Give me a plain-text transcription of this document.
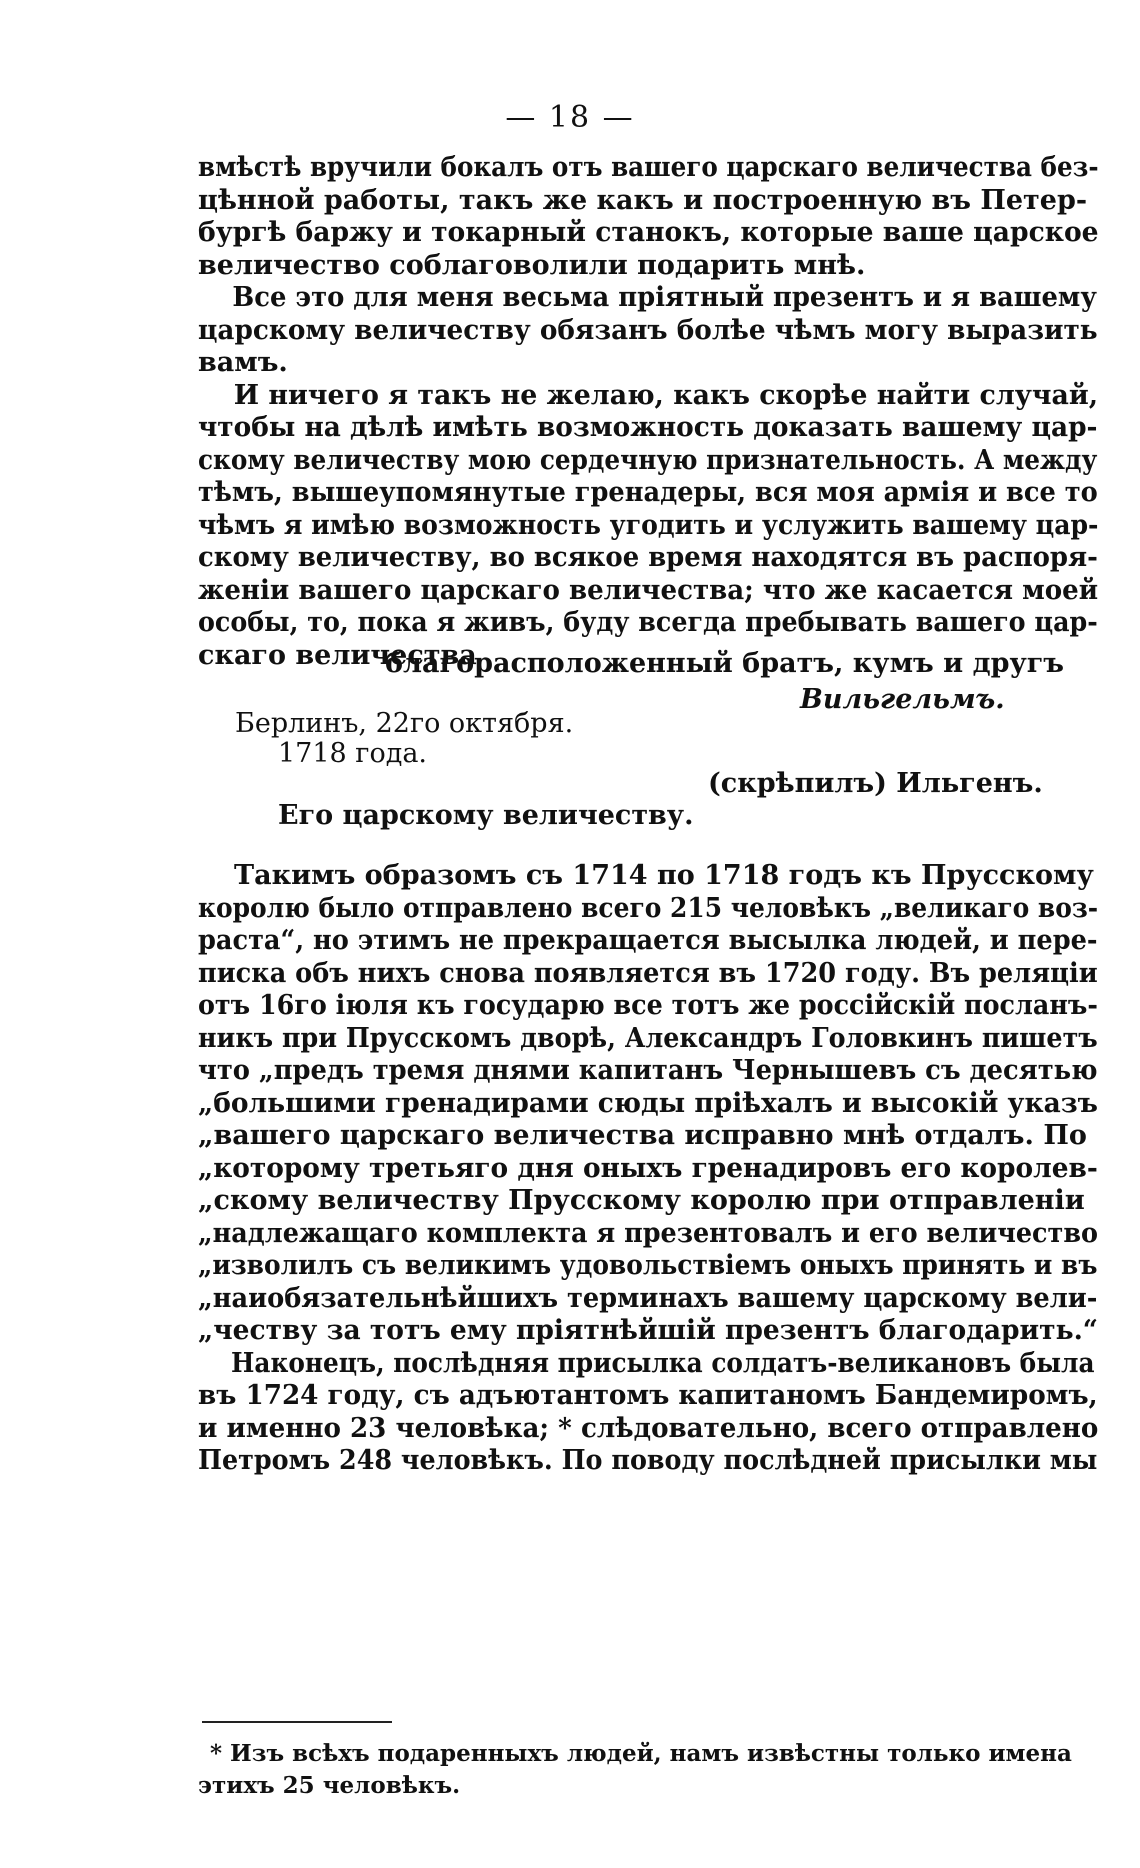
— 18 —
вмѣстѣ вручили бокалъ отъ вашего царскаго величества без-
цѣнной работы, такъ же какъ и построенную въ Петер-
бургѣ баржу и токарный станокъ, которые ваше царское
величество соблаговолили подарить мнѣ.
Все это для меня весьма пріятный презентъ и я вашему
царскому величеству обязанъ болѣе чѣмъ могу выразить
вамъ.
И ничего я такъ не желаю, какъ скорѣе найти случай,
чтобы на дѣлѣ имѣть возможность доказать вашему цар-
скому величеству мою сердечную признательность. А между
тѣмъ, вышеупомянутые гренадеры, вся моя армія и все то
чѣмъ я имѣю возможность угодить и услужить вашему цар-
скому величеству, во всякое время находятся въ распоря-
женіи вашего царскаго величества; что же касается моей
особы, то, пока я живъ, буду всегда пребывать вашего цар-
скаго величества
благорасположенный братъ, кумъ и другъ
Вильгельмъ.
Берлинъ, 22го октября.
1718 года.
(скрѣпилъ) Ильгенъ.
Его царскому величеству.
Такимъ образомъ съ 1714 по 1718 годъ къ Прусскому
королю было отправлено всего 215 человѣкъ „великаго воз-
раста“, но этимъ не прекращается высылка людей, и пере-
писка объ нихъ снова появляется въ 1720 году. Въ реляціи
отъ 16го іюля къ государю все тотъ же россійскій посланъ-
никъ при Прусскомъ дворѣ, Александръ Головкинъ пишетъ
что „предъ тремя днями капитанъ Чернышевъ съ десятью
„большими гренадирами сюды пріѣхалъ и высокій указъ
„вашего царскаго величества исправно мнѣ отдалъ. По
„которому третьяго дня оныхъ гренадировъ его королев-
„скому величеству Прусскому королю при отправленіи
„надлежащаго комплекта я презентовалъ и его величество
„изволилъ съ великимъ удовольствіемъ оныхъ принять и въ
„наиобязательнѣйшихъ терминахъ вашему царскому вели-
„честву за тотъ ему пріятнѣйшій презентъ благодарить.“
Наконецъ, послѣдняя присылка солдатъ-великановъ была
въ 1724 году, съ адъютантомъ капитаномъ Бандемиромъ,
и именно 23 человѣка; * слѣдовательно, всего отправлено
Петромъ 248 человѣкъ. По поводу послѣдней присылки мы
* Изъ всѣхъ подаренныхъ людей, намъ извѣстны только имена
этихъ 25 человѣкъ.
